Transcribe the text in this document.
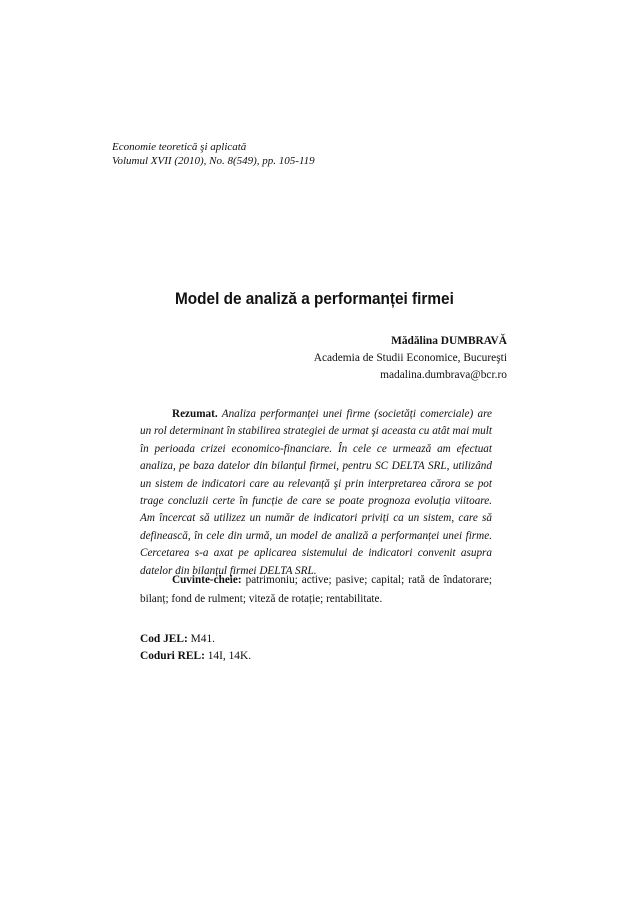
Economie teoretică şi aplicată
Volumul XVII (2010), No. 8(549), pp. 105-119
Model de analiză a performanței firmei
Mădălina DUMBRAVĂ
Academia de Studii Economice, Bucureşti
madalina.dumbrava@bcr.ro

Rezumat. Analiza performanței unei firme (societăți comerciale) are un rol determinant în stabilirea strategiei de urmat şi aceasta cu atât mai mult în perioada crizei economico-financiare. În cele ce urmează am efectuat analiza, pe baza datelor din bilanțul firmei, pentru SC DELTA SRL, utilizând un sistem de indicatori care au relevanță şi prin interpretarea cărora se pot trage concluzii certe în funcție de care se poate prognoza evoluția viitoare. Am încercat să utilizez un număr de indicatori priviți ca un sistem, care să definească, în cele din urmă, un model de analiză a performanței unei firme. Cercetarea s-a axat pe aplicarea sistemului de indicatori convenit asupra datelor din bilanțul firmei DELTA SRL.

Cuvinte-cheie: patrimoniu; active; pasive; capital; rată de îndatorare; bilanț; fond de rulment; viteză de rotație; rentabilitate.

Cod JEL: M41.
Coduri REL: 14I, 14K.
